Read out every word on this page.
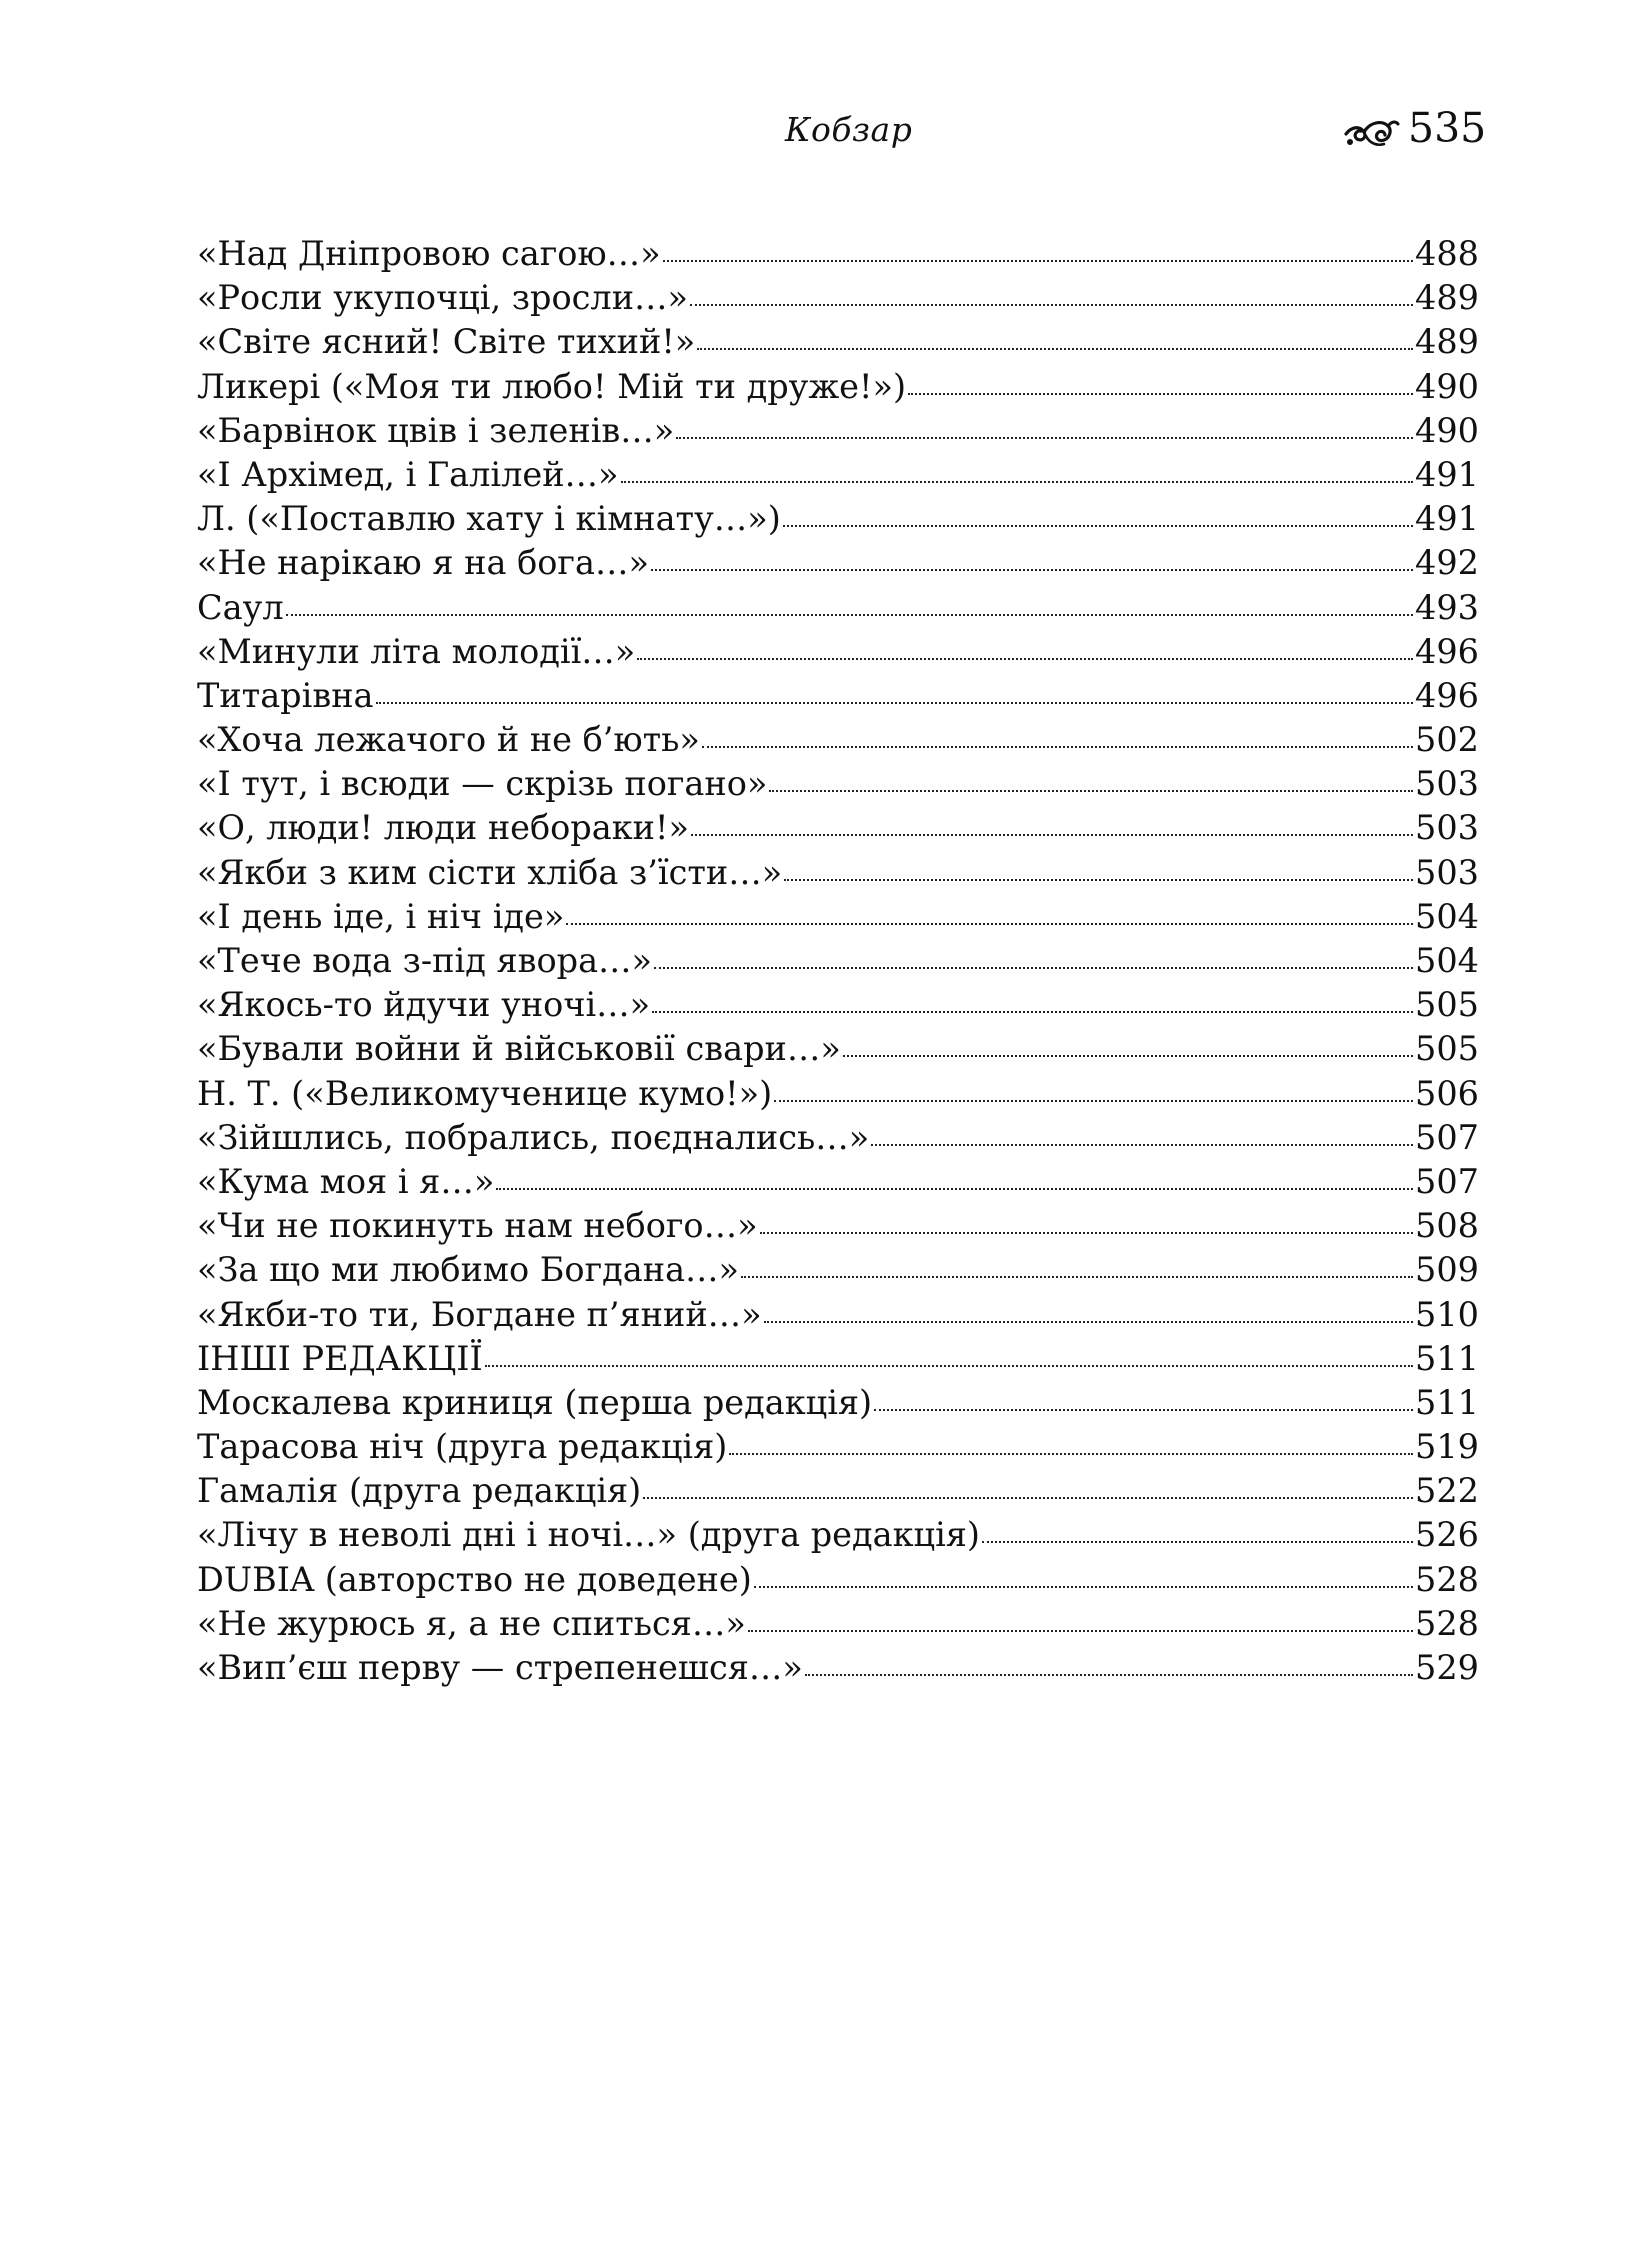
Кобзар	535
«Над Дніпровою сагою…»	488
«Росли укупочці, зросли…»	489
«Світе ясний! Світе тихий!»	489
Ликері («Моя ти любо! Мій ти друже!»)	490
«Барвінок цвів і зеленів…»	490
«І Архімед, і Галілей…»	491
Л. («Поставлю хату і кімнату…»)	491
«Не нарікаю я на бога…»	492
Саул	493
«Минули літа молодії…»	496
Титарівна	496
«Хоча лежачого й не б’ють»	502
«І тут, і всюди — скрізь погано»	503
«О, люди! люди небораки!»	503
«Якби з ким сісти хліба з’їсти…»	503
«І день іде, і ніч іде»	504
«Тече вода з-під явора…»	504
«Якось-то йдучи уночі…»	505
«Бували войни й військовії свари…»	505
Н. Т. («Великомученице кумо!»)	506
«Зійшлись, побрались, поєднались…»	507
«Кума моя і я…»	507
«Чи не покинуть нам небого…»	508
«За що ми любимо Богдана…»	509
«Якби-то ти, Богдане п’яний…»	510
ІНШІ РЕДАКЦІЇ	511
Москалева криниця (перша редакція)	511
Тарасова ніч (друга редакція)	519
Гамалія (друга редакція)	522
«Лічу в неволі дні і ночі…» (друга редакція)	526
DUBIA (авторство не доведене)	528
«Не журюсь я, а не спиться…»	528
«Вип’єш перву — стрепенешся…»	529
